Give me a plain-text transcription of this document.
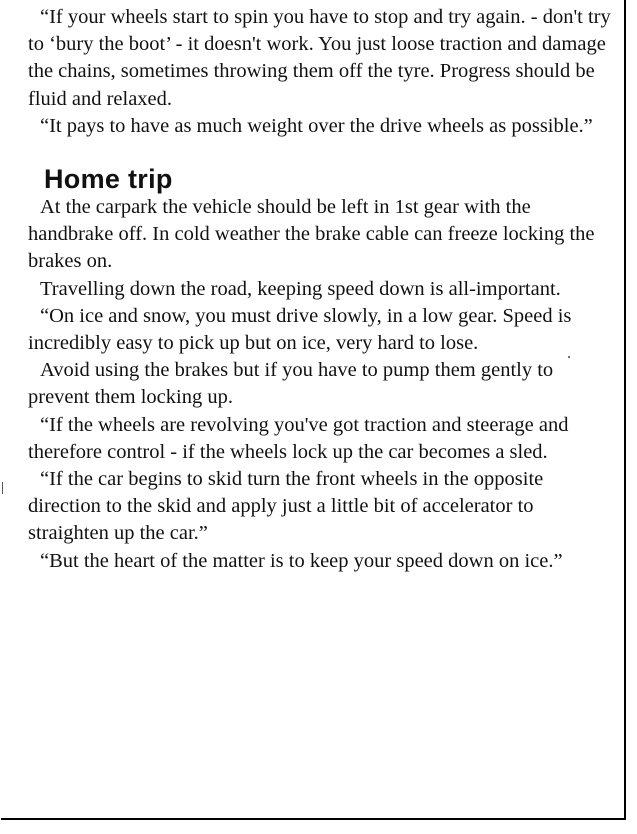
“If your wheels start to spin you have to stop and try again. - don't try to ‘bury the boot’ - it doesn't work. You just loose traction and damage the chains, sometimes throwing them off the tyre. Progress should be fluid and relaxed.

“It pays to have as much weight over the drive wheels as possible.”

Home trip

At the carpark the vehicle should be left in 1st gear with the handbrake off. In cold weather the brake cable can freeze locking the brakes on.

Travelling down the road, keeping speed down is all-important.

“On ice and snow, you must drive slowly, in a low gear. Speed is incredibly easy to pick up but on ice, very hard to lose.

Avoid using the brakes but if you have to pump them gently to prevent them locking up.

“If the wheels are revolving you've got traction and steerage and therefore control - if the wheels lock up the car becomes a sled.

“If the car begins to skid turn the front wheels in the opposite direction to the skid and apply just a little bit of accelerator to straighten up the car.”

“But the heart of the matter is to keep your speed down on ice.”
